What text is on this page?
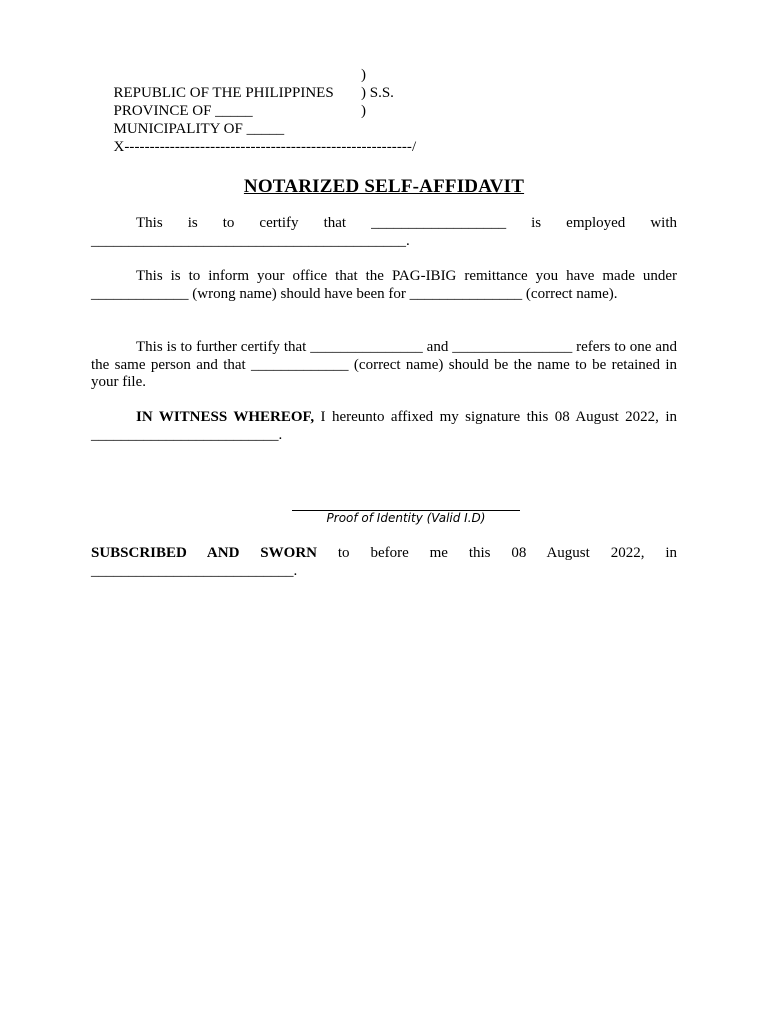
REPUBLIC OF THE PHILIPPINES

)

PROVINCE OF _____

) S.S.

MUNICIPALITY OF _____

)

X---------------------------------------------------------/

NOTARIZED SELF-AFFIDAVIT
This is to certify that __________________ is employed with
__________________________________________.
This is to inform your office that the PAG-IBIG remittance you have made under _____________ (wrong name) should have been for _______________ (correct name).
This is to further certify that _______________ and ________________ refers to one and the same person and that _____________ (correct name) should be the name to be retained in your file.
IN WITNESS WHEREOF, I hereunto affixed my signature this 08 August 2022, in _________________________.
Proof of Identity (Valid I.D)
SUBSCRIBED AND SWORN to before me this 08 August 2022, in
___________________________.
